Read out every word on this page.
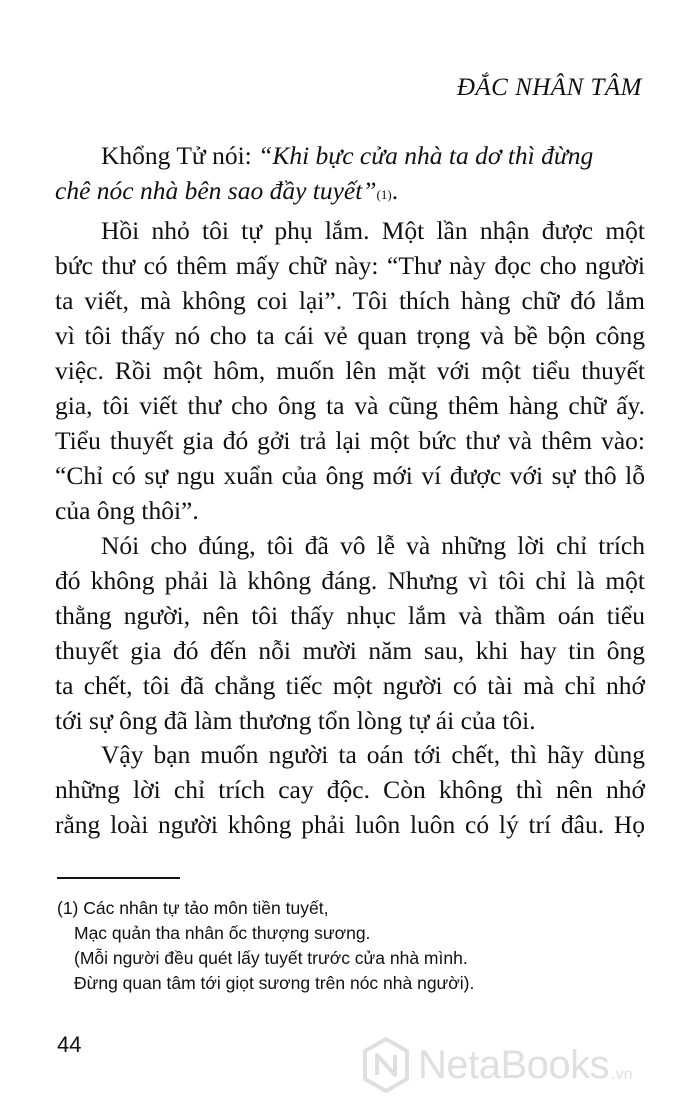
ĐẮC NHÂN TÂM
Khổng Tử nói: “Khi bực cửa nhà ta dơ thì đừng
chê nóc nhà bên sao đầy tuyết”$^{(1)}$.
Hồi nhỏ tôi tự phụ lắm. Một lần nhận được một
bức thư có thêm mấy chữ này: “Thư này đọc cho người
ta viết, mà không coi lại”. Tôi thích hàng chữ đó lắm
vì tôi thấy nó cho ta cái vẻ quan trọng và bề bộn công
việc. Rồi một hôm, muốn lên mặt với một tiểu thuyết
gia, tôi viết thư cho ông ta và cũng thêm hàng chữ ấy.
Tiểu thuyết gia đó gởi trả lại một bức thư và thêm vào:
“Chỉ có sự ngu xuẩn của ông mới ví được với sự thô lỗ
của ông thôi”.
Nói cho đúng, tôi đã vô lễ và những lời chỉ trích
đó không phải là không đáng. Nhưng vì tôi chỉ là một
thằng người, nên tôi thấy nhục lắm và thầm oán tiểu
thuyết gia đó đến nỗi mười năm sau, khi hay tin ông
ta chết, tôi đã chẳng tiếc một người có tài mà chỉ nhớ
tới sự ông đã làm thương tổn lòng tự ái của tôi.
Vậy bạn muốn người ta oán tới chết, thì hãy dùng
những lời chỉ trích cay độc. Còn không thì nên nhớ
rằng loài người không phải luôn luôn có lý trí đâu. Họ
(1) Các nhân tự tảo môn tiền tuyết,
Mạc quản tha nhân ốc thượng sương.
(Mỗi người đều quét lấy tuyết trước cửa nhà mình.
Đừng quan tâm tới giọt sương trên nóc nhà người).
44	NetaBooks .vn
